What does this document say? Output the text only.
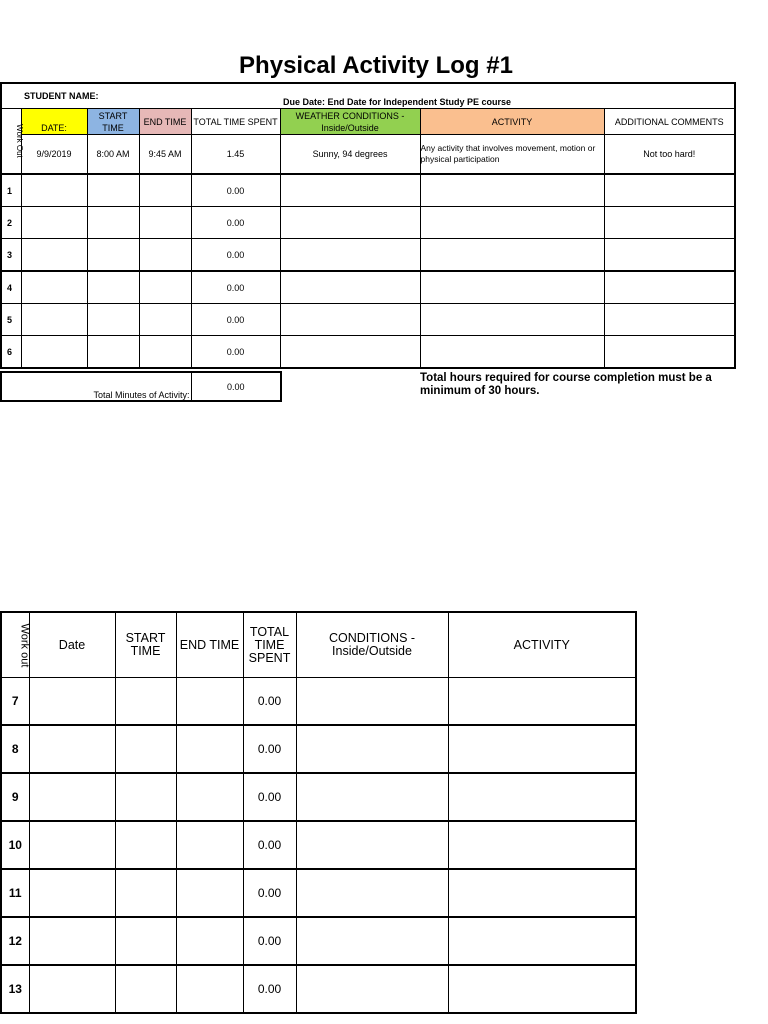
Physical Activity Log #1
	STUDENT NAME:				Due Date: End Date for Independent Study PE course		
Work Out	DATE:	START TIME	END TIME	TOTAL TIME SPENT	WEATHER CONDITIONS - Inside/Outside	ACTIVITY	ADDITIONAL COMMENTS
	9/9/2019	8:00 AM	9:45 AM	1.45	Sunny, 94 degrees	Any activity that involves movement, motion or physical participation	Not too hard!
1				0.00			
2				0.00			
3				0.00			
4				0.00			
5				0.00			
6				0.00			
Total Minutes of Activity:	0.00
Total hours required for course completion must be a minimum of 30 hours.
Work out	Date	START TIME	END TIME	TOTAL TIME SPENT	CONDITIONS - Inside/Outside	ACTIVITY
7				0.00		
8				0.00		
9				0.00		
10				0.00		
11				0.00		
12				0.00		
13				0.00		
